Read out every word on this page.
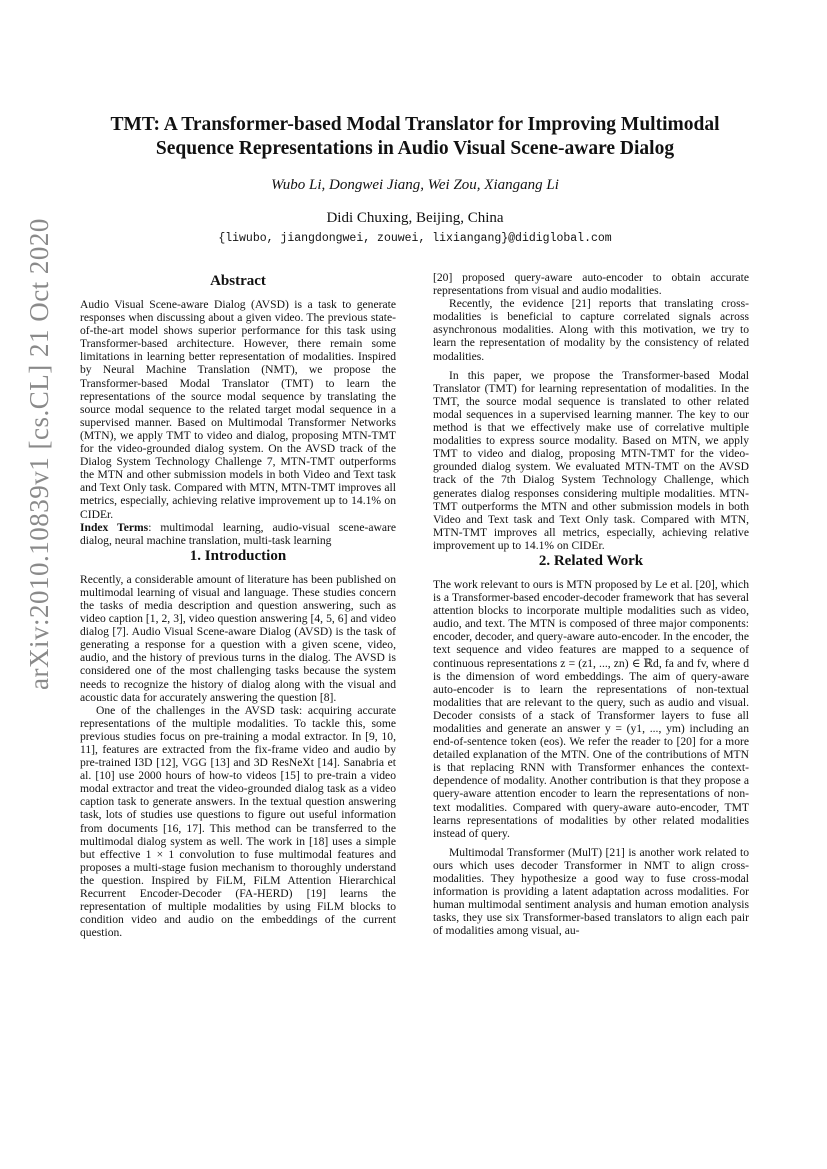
arXiv:2010.10839v1 [cs.CL] 21 Oct 2020
TMT: A Transformer-based Modal Translator for Improving Multimodal
Sequence Representations in Audio Visual Scene-aware Dialog
Wubo Li, Dongwei Jiang, Wei Zou, Xiangang Li
Didi Chuxing, Beijing, China
{liwubo, jiangdongwei, zouwei, lixiangang}@didiglobal.com
Abstract

Audio Visual Scene-aware Dialog (AVSD) is a task to generate responses when discussing about a given video. The previous state-of-the-art model shows superior performance for this task using Transformer-based architecture. However, there remain some limitations in learning better representation of modalities. Inspired by Neural Machine Translation (NMT), we propose the Transformer-based Modal Translator (TMT) to learn the representations of the source modal sequence by translating the source modal sequence to the related target modal sequence in a supervised manner. Based on Multimodal Transformer Networks (MTN), we apply TMT to video and dialog, proposing MTN-TMT for the video-grounded dialog system. On the AVSD track of the Dialog System Technology Challenge 7, MTN-TMT outperforms the MTN and other submission models in both Video and Text task and Text Only task. Compared with MTN, MTN-TMT improves all metrics, especially, achieving relative improvement up to 14.1% on CIDEr.

Index Terms: multimodal learning, audio-visual scene-aware dialog, neural machine translation, multi-task learning

1. Introduction

Recently, a considerable amount of literature has been published on multimodal learning of visual and language. These studies concern the tasks of media description and question answering, such as video caption [1, 2, 3], video question answering [4, 5, 6] and video dialog [7]. Audio Visual Scene-aware Dialog (AVSD) is the task of generating a response for a question with a given scene, video, audio, and the history of previous turns in the dialog. The AVSD is considered one of the most challenging tasks because the system needs to recognize the history of dialog along with the visual and acoustic data for accurately answering the question [8].

One of the challenges in the AVSD task: acquiring accurate representations of the multiple modalities. To tackle this, some previous studies focus on pre-training a modal extractor. In [9, 10, 11], features are extracted from the fix-frame video and audio by pre-trained I3D [12], VGG [13] and 3D ResNeXt [14]. Sanabria et al. [10] use 2000 hours of how-to videos [15] to pre-train a video modal extractor and treat the video-grounded dialog task as a video caption task to generate answers. In the textual question answering task, lots of studies use questions to figure out useful information from documents [16, 17]. This method can be transferred to the multimodal dialog system as well. The work in [18] uses a simple but effective 1 × 1 convolution to fuse multimodal features and proposes a multi-stage fusion mechanism to thoroughly understand the question. Inspired by FiLM, FiLM Attention Hierarchical Recurrent Encoder-Decoder (FA-HERD) [19] learns the representation of multiple modalities by using FiLM blocks to condition video and audio on the embeddings of the current question.

[20] proposed query-aware auto-encoder to obtain accurate representations from visual and audio modalities.

Recently, the evidence [21] reports that translating cross-modalities is beneficial to capture correlated signals across asynchronous modalities. Along with this motivation, we try to learn the representation of modality by the consistency of related modalities.

In this paper, we propose the Transformer-based Modal Translator (TMT) for learning representation of modalities. In the TMT, the source modal sequence is translated to other related modal sequences in a supervised learning manner. The key to our method is that we effectively make use of correlative multiple modalities to express source modality. Based on MTN, we apply TMT to video and dialog, proposing MTN-TMT for the video-grounded dialog system. We evaluated MTN-TMT on the AVSD track of the 7th Dialog System Technology Challenge, which generates dialog responses considering multiple modalities. MTN-TMT outperforms the MTN and other submission models in both Video and Text task and Text Only task. Compared with MTN, MTN-TMT improves all metrics, especially, achieving relative improvement up to 14.1% on CIDEr.

2. Related Work

The work relevant to ours is MTN proposed by Le et al. [20], which is a Transformer-based encoder-decoder framework that has several attention blocks to incorporate multiple modalities such as video, audio, and text. The MTN is composed of three major components: encoder, decoder, and query-aware auto-encoder. In the encoder, the text sequence and video features are mapped to a sequence of continuous representations z = (z1, ..., zn) ∈ ℝd, fa and fv, where d is the dimension of word embeddings. The aim of query-aware auto-encoder is to learn the representations of non-textual modalities that are relevant to the query, such as audio and visual. Decoder consists of a stack of Transformer layers to fuse all modalities and generate an answer y = (y1, ..., ym) including an end-of-sentence token (eos). We refer the reader to [20] for a more detailed explanation of the MTN. One of the contributions of MTN is that replacing RNN with Transformer enhances the context-dependence of modality. Another contribution is that they propose a query-aware attention encoder to learn the representations of non-text modalities. Compared with query-aware auto-encoder, TMT learns representations of modalities by other related modalities instead of query.

Multimodal Transformer (MulT) [21] is another work related to ours which uses decoder Transformer in NMT to align cross-modalities. They hypothesize a good way to fuse cross-modal information is providing a latent adaptation across modalities. For human multimodal sentiment analysis and human emotion analysis tasks, they use six Transformer-based translators to align each pair of modalities among visual, au-
